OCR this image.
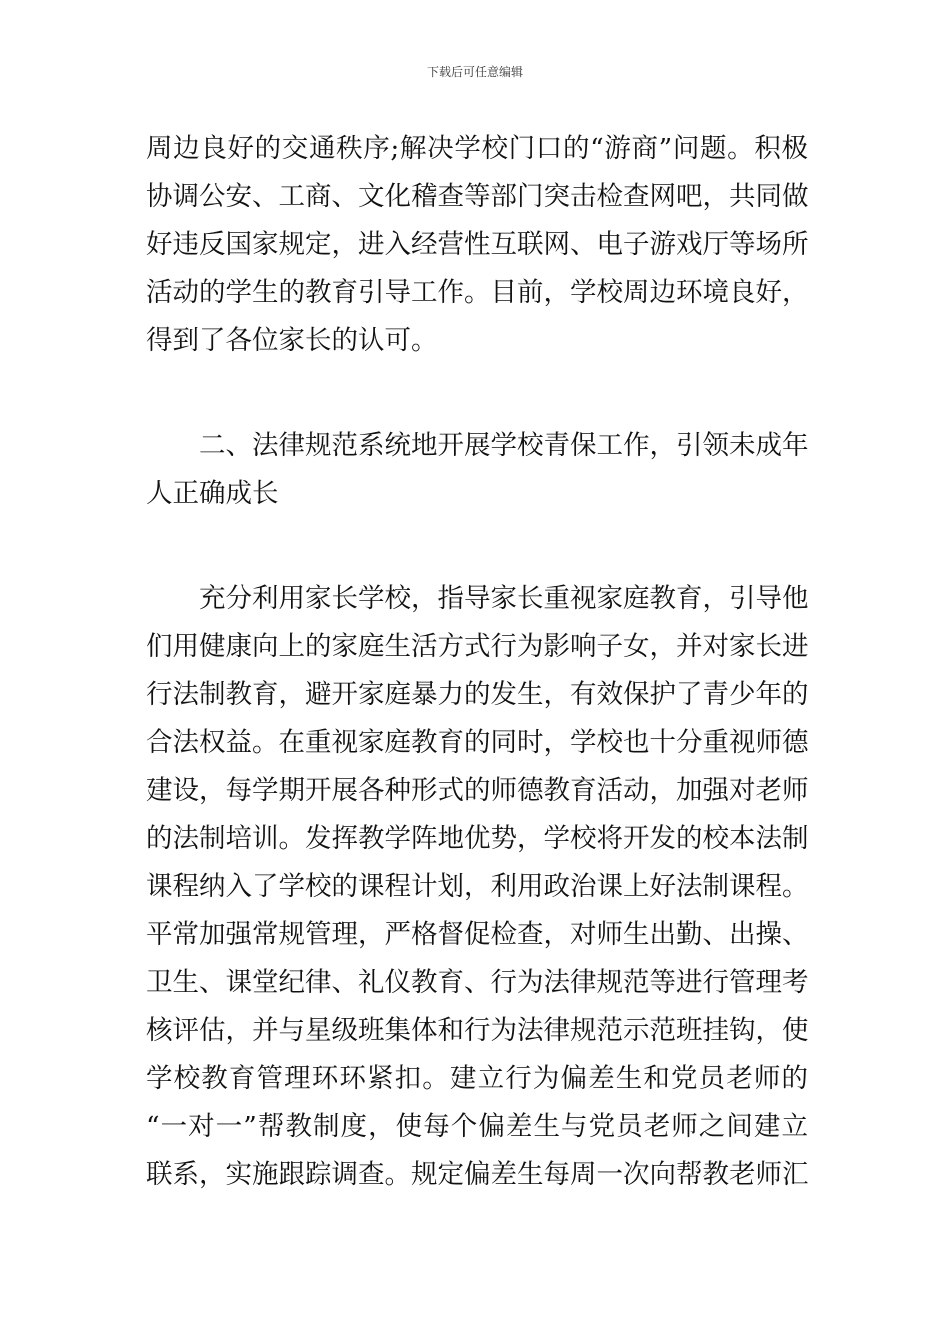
下载后可任意编辑
周边良好的交通秩序;解决学校门口的“游商”问题。积极
协调公安、工商、文化稽查等部门突击检查网吧，共同做
好违反国家规定，进入经营性互联网、电子游戏厅等场所
活动的学生的教育引导工作。目前，学校周边环境良好，
得到了各位家长的认可。
　　二、法律规范系统地开展学校青保工作，引领未成年
人正确成长
　　充分利用家长学校，指导家长重视家庭教育，引导他
们用健康向上的家庭生活方式行为影响子女，并对家长进
行法制教育，避开家庭暴力的发生，有效保护了青少年的
合法权益。在重视家庭教育的同时，学校也十分重视师德
建设，每学期开展各种形式的师德教育活动，加强对老师
的法制培训。发挥教学阵地优势，学校将开发的校本法制
课程纳入了学校的课程计划，利用政治课上好法制课程。
平常加强常规管理，严格督促检查，对师生出勤、出操、
卫生、课堂纪律、礼仪教育、行为法律规范等进行管理考
核评估，并与星级班集体和行为法律规范示范班挂钩，使
学校教育管理环环紧扣。建立行为偏差生和党员老师的
“一对一”帮教制度，使每个偏差生与党员老师之间建立
联系，实施跟踪调查。规定偏差生每周一次向帮教老师汇
